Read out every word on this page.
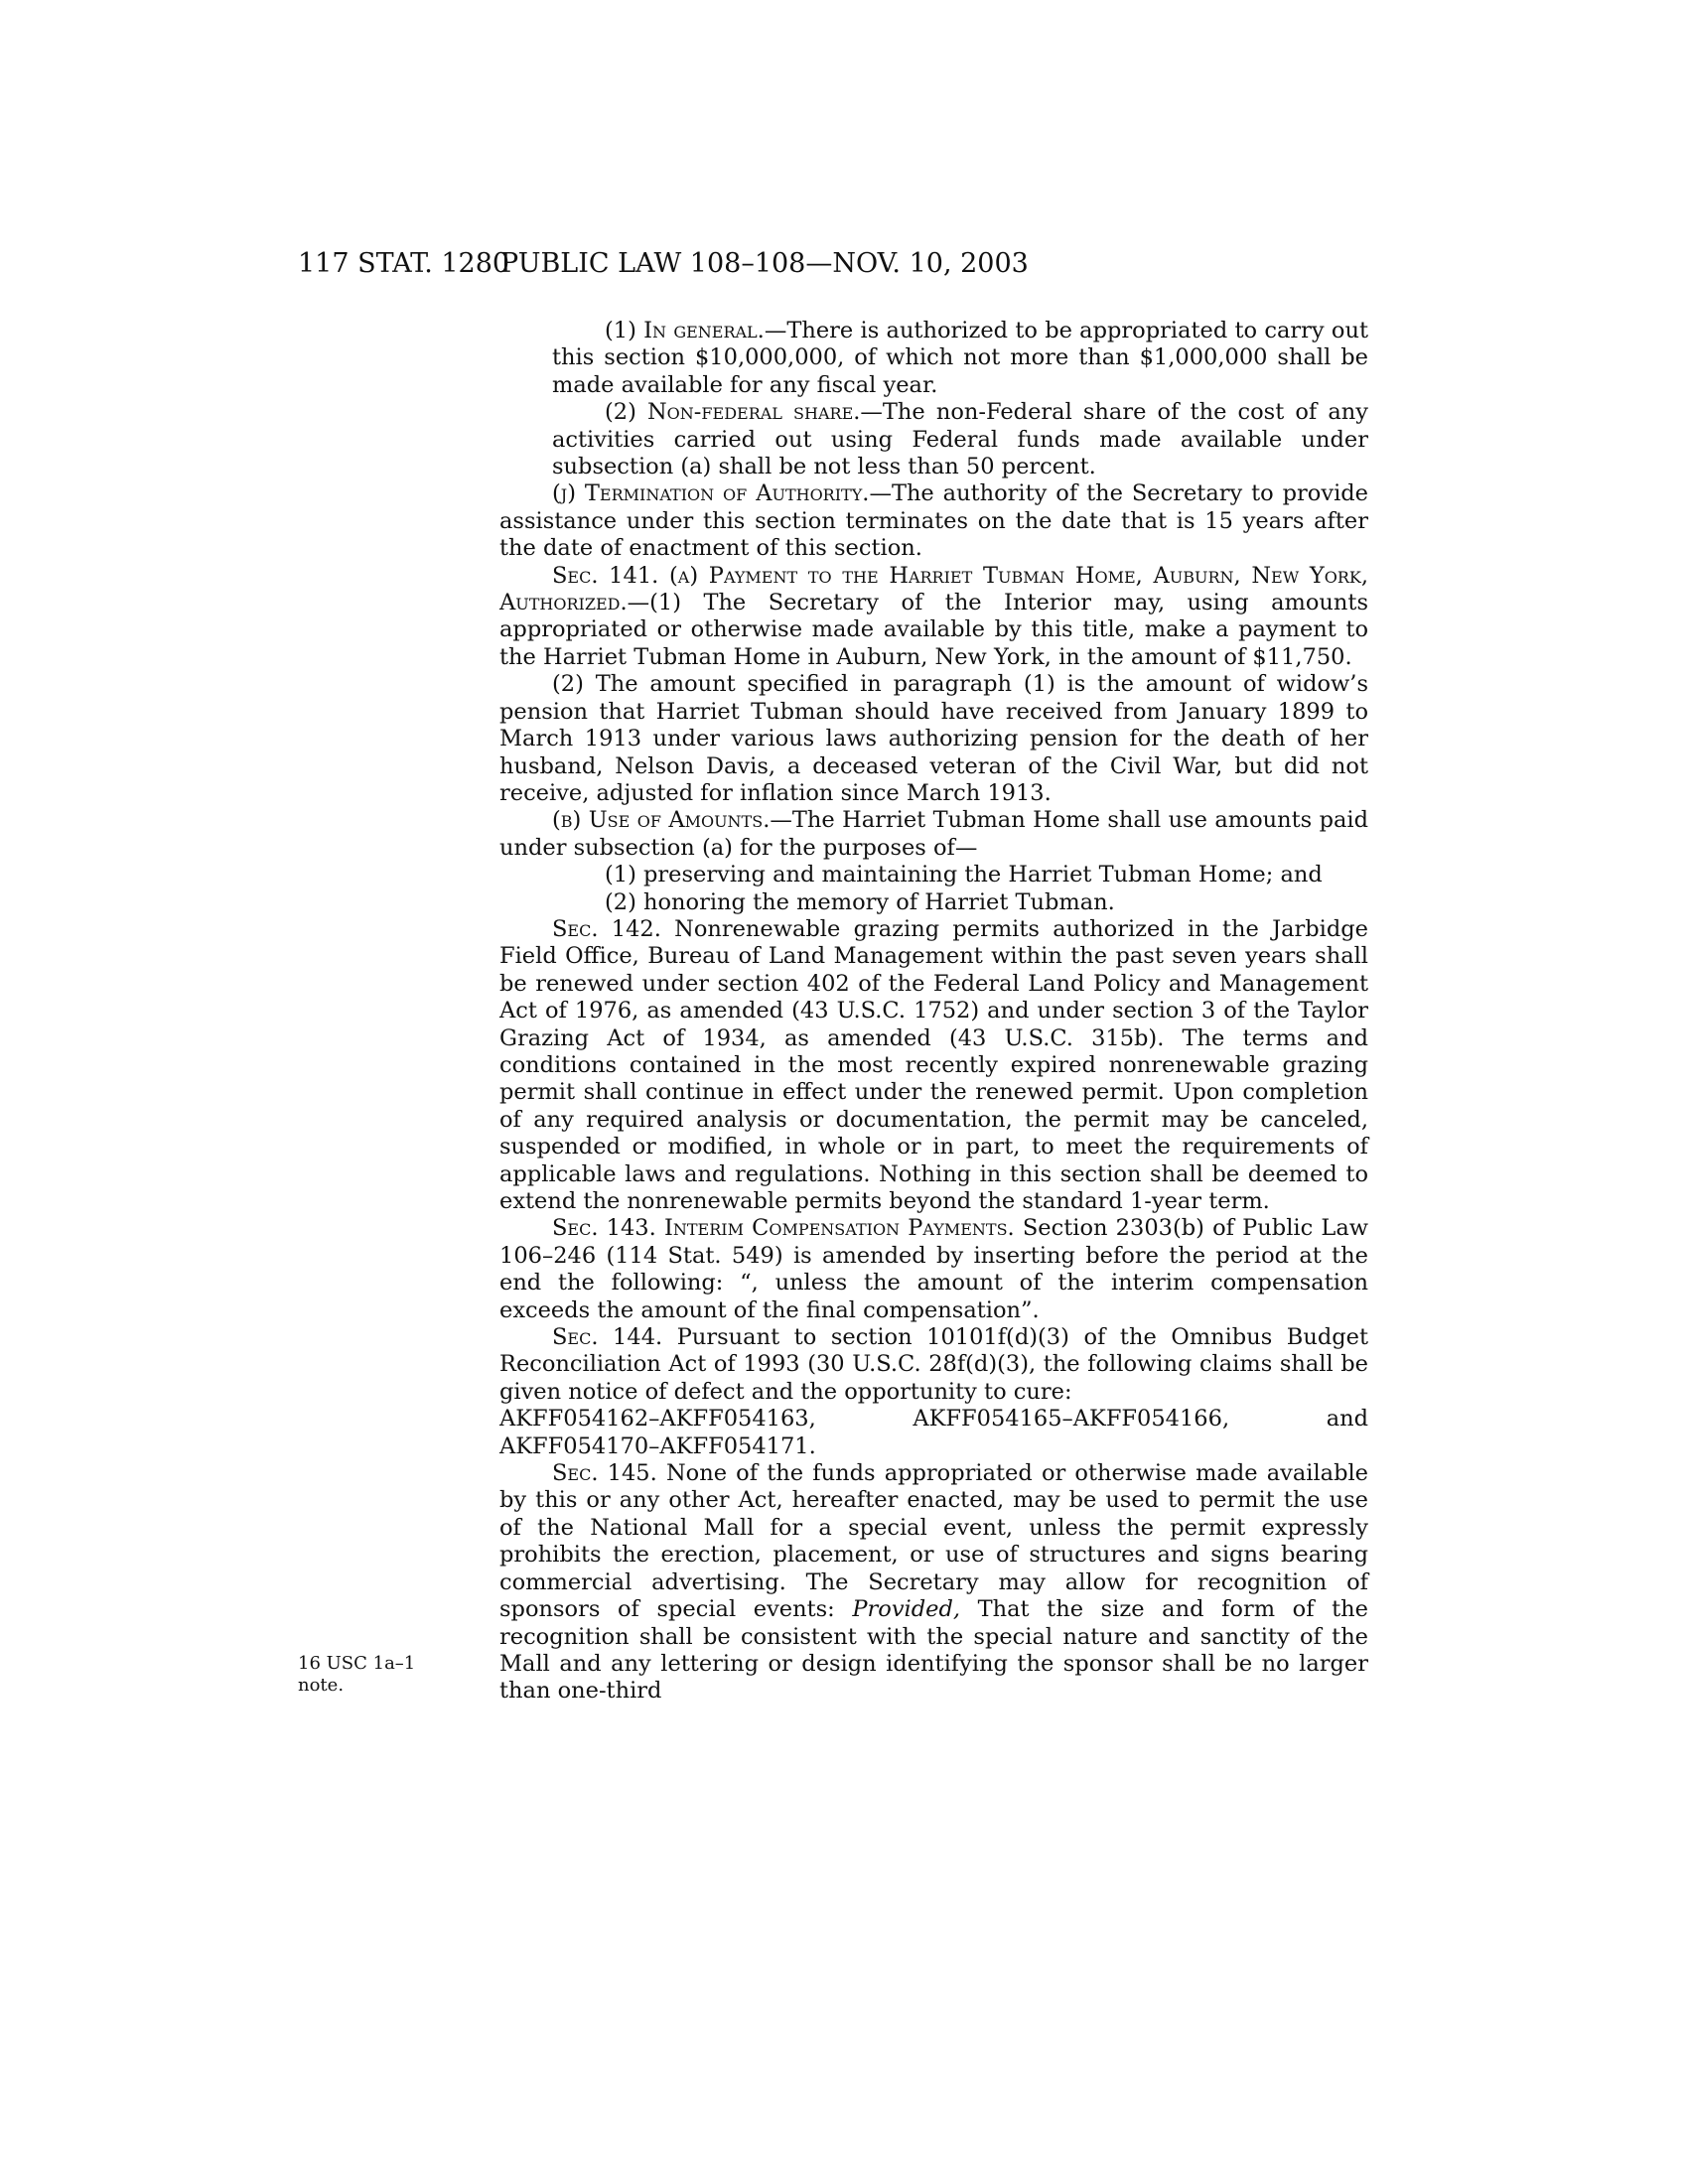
117 STAT. 1280
PUBLIC LAW 108–108—NOV. 10, 2003
16 USC 1a–1
note.

(1) In general.—There is authorized to be appropriated to carry out this section $10,000,000, of which not more than $1,000,000 shall be made available for any fiscal year.

(2) Non-federal share.—The non-Federal share of the cost of any activities carried out using Federal funds made available under subsection (a) shall be not less than 50 percent.

(j) Termination of Authority.—The authority of the Secretary to provide assistance under this section terminates on the date that is 15 years after the date of enactment of this section.

Sec. 141. (a) Payment to the Harriet Tubman Home, Auburn, New York, Authorized.—(1) The Secretary of the Interior may, using amounts appropriated or otherwise made available by this title, make a payment to the Harriet Tubman Home in Auburn, New York, in the amount of $11,750.

(2) The amount specified in paragraph (1) is the amount of widow’s pension that Harriet Tubman should have received from January 1899 to March 1913 under various laws authorizing pension for the death of her husband, Nelson Davis, a deceased veteran of the Civil War, but did not receive, adjusted for inflation since March 1913.

(b) Use of Amounts.—The Harriet Tubman Home shall use amounts paid under subsection (a) for the purposes of—

(1) preserving and maintaining the Harriet Tubman Home; and

(2) honoring the memory of Harriet Tubman.

Sec. 142. Nonrenewable grazing permits authorized in the Jarbidge Field Office, Bureau of Land Management within the past seven years shall be renewed under section 402 of the Federal Land Policy and Management Act of 1976, as amended (43 U.S.C. 1752) and under section 3 of the Taylor Grazing Act of 1934, as amended (43 U.S.C. 315b). The terms and conditions contained in the most recently expired nonrenewable grazing permit shall continue in effect under the renewed permit. Upon completion of any required analysis or documentation, the permit may be canceled, suspended or modified, in whole or in part, to meet the requirements of applicable laws and regulations. Nothing in this section shall be deemed to extend the nonrenewable permits beyond the standard 1-year term.

Sec. 143. Interim Compensation Payments. Section 2303(b) of Public Law 106–246 (114 Stat. 549) is amended by inserting before the period at the end the following: “, unless the amount of the interim compensation exceeds the amount of the final compensation”.

Sec. 144. Pursuant to section 10101f(d)(3) of the Omnibus Budget Reconciliation Act of 1993 (30 U.S.C. 28f(d)(3), the following claims shall be given notice of defect and the opportunity to cure:

AKFF054162–AKFF054163,	AKFF054165–AKFF054166,	and

AKFF054170–AKFF054171.

Sec. 145. None of the funds appropriated or otherwise made available by this or any other Act, hereafter enacted, may be used to permit the use of the National Mall for a special event, unless the permit expressly prohibits the erection, placement, or use of structures and signs bearing commercial advertising. The Secretary may allow for recognition of sponsors of special events: Provided, That the size and form of the recognition shall be consistent with the special nature and sanctity of the Mall and any lettering or design identifying the sponsor shall be no larger than one-third
